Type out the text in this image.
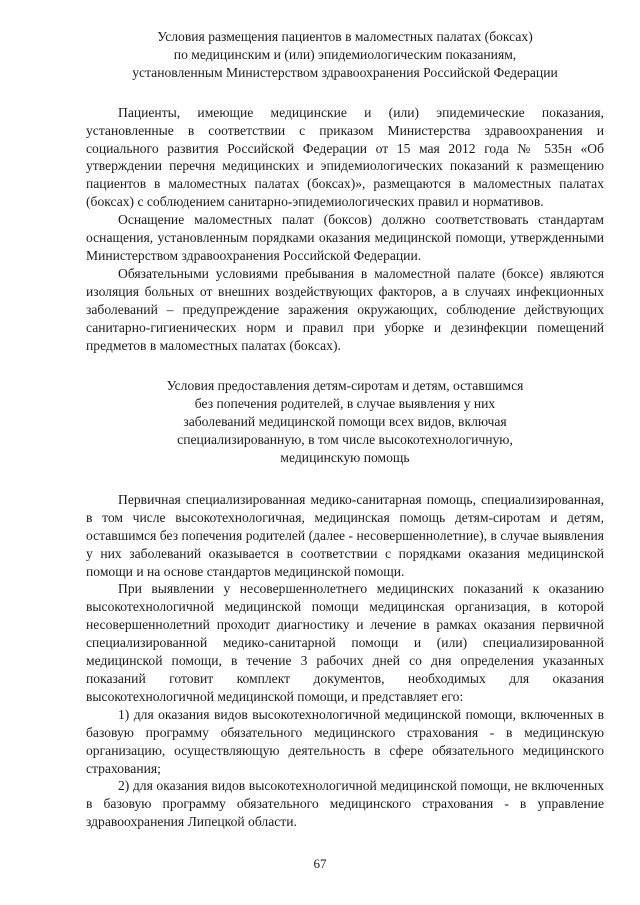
Условия размещения пациентов в маломестных палатах (боксах)
по медицинским и (или) эпидемиологическим показаниям,
установленным Министерством здравоохранения Российской Федерации

Пациенты, имеющие медицинские и (или) эпидемические показания, установленные в соответствии с приказом Министерства здравоохранения и социального развития Российской Федерации от 15 мая 2012 года № 535н «Об утверждении перечня медицинских и эпидемиологических показаний к размещению пациентов в маломестных палатах (боксах)», размещаются в маломестных палатах (боксах) с соблюдением санитарно-эпидемиологических правил и нормативов.

Оснащение маломестных палат (боксов) должно соответствовать стандартам оснащения, установленным порядками оказания медицинской помощи, утвержденными Министерством здравоохранения Российской Федерации.

Обязательными условиями пребывания в маломестной палате (боксе) являются изоляция больных от внешних воздействующих факторов, а в случаях инфекционных заболеваний – предупреждение заражения окружающих, соблюдение действующих санитарно-гигиенических норм и правил при уборке и дезинфекции помещений предметов в маломестных палатах (боксах).

Условия предоставления детям-сиротам и детям, оставшимся
без попечения родителей, в случае выявления у них
заболеваний медицинской помощи всех видов, включая
специализированную, в том числе высокотехнологичную,
медицинскую помощь

Первичная специализированная медико-санитарная помощь, специализированная, в том числе высокотехнологичная, медицинская помощь детям-сиротам и детям, оставшимся без попечения родителей (далее - несовершеннолетние), в случае выявления у них заболеваний оказывается в соответствии с порядками оказания медицинской помощи и на основе стандартов медицинской помощи.

При выявлении у несовершеннолетнего медицинских показаний к оказанию высокотехнологичной медицинской помощи медицинская организация, в которой несовершеннолетний проходит диагностику и лечение в рамках оказания первичной специализированной медико-санитарной помощи и (или) специализированной медицинской помощи, в течение 3 рабочих дней со дня определения указанных показаний готовит комплект документов, необходимых для оказания высокотехнологичной медицинской помощи, и представляет его:

1) для оказания видов высокотехнологичной медицинской помощи, включенных в базовую программу обязательного медицинского страхования - в медицинскую организацию, осуществляющую деятельность в сфере обязательного медицинского страхования;

2) для оказания видов высокотехнологичной медицинской помощи, не включенных в базовую программу обязательного медицинского страхования - в управление здравоохранения Липецкой области.

67
